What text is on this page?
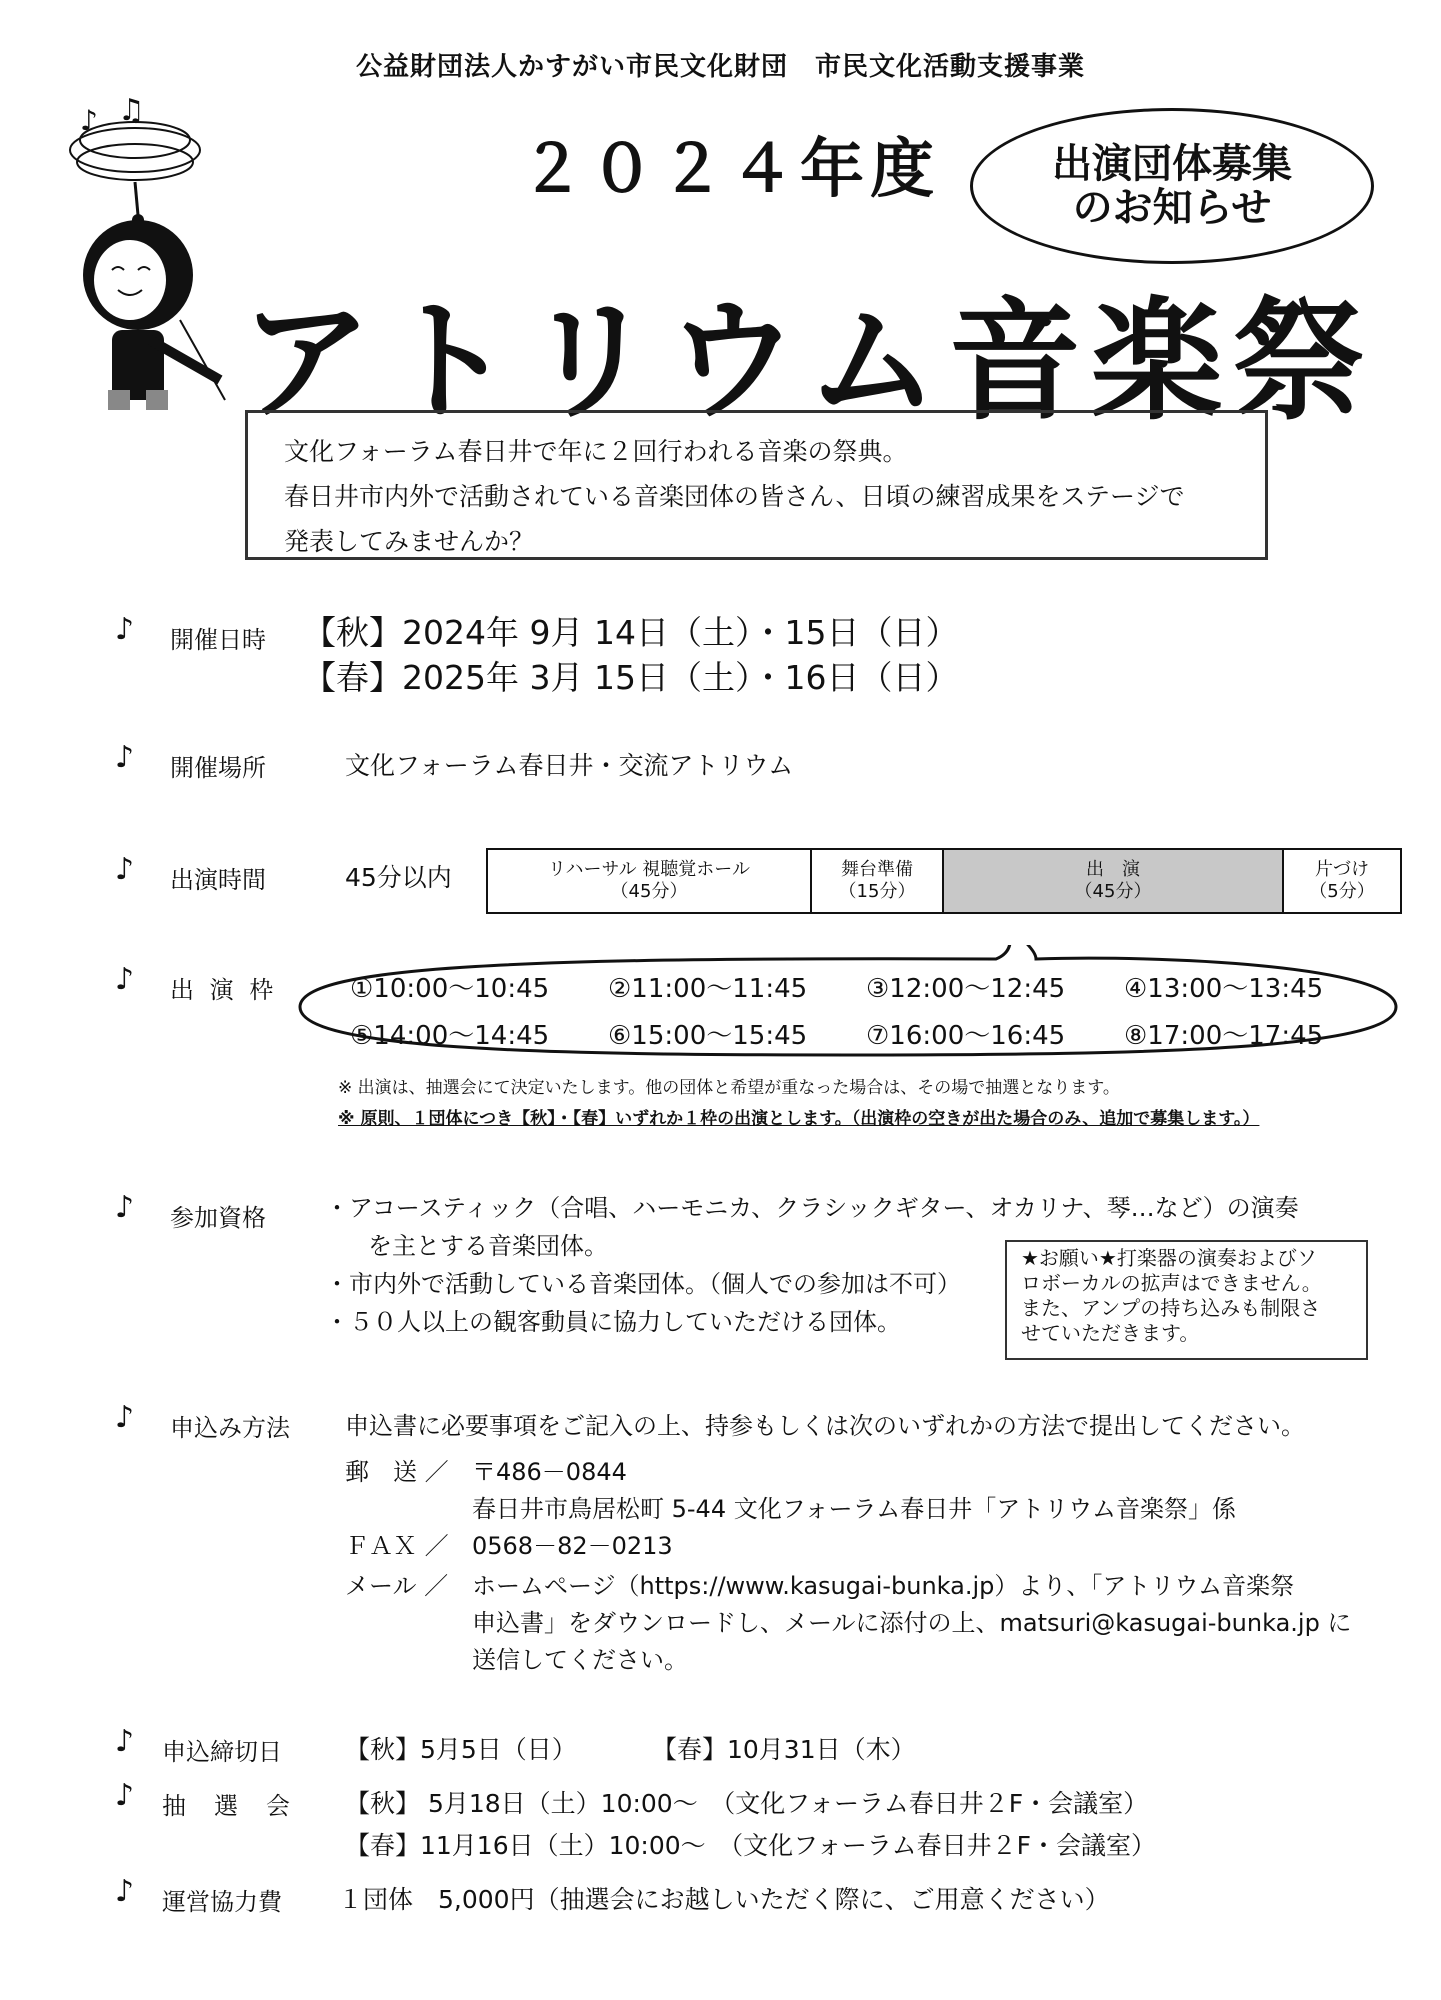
公益財団法人かすがい市民文化財団　市民文化活動支援事業
♪ ♫
２０２４年度	出演団体募集
のお知らせ
アトリウム音楽祭
文化フォーラム春日井で年に２回行われる音楽の祭典。
春日井市内外で活動されている音楽団体の皆さん、日頃の練習成果をステージで
発表してみませんか？
♪ 開催日時 【秋】2024年 9月 14日（土）・15日（日）
【春】2025年 3月 15日（土）・16日（日）
♪ 開催場所	文化フォーラム春日井・交流アトリウム
♪ 出演時間	45分以内	リハーサル 視聴覚ホール
（45分）
舞台準備
（15分）
出　演
（45分）
片づけ
（5分）
♪ 出 演 枠	①10:00～10:45 ②11:00～11:45 ③12:00～12:45 ④13:00～13:45
⑤14:00～14:45 ⑥15:00～15:45 ⑦16:00～16:45 ⑧17:00～17:45
※ 出演は、抽選会にて決定いたします。他の団体と希望が重なった場合は、その場で抽選となります。
※ 原則、１団体につき【秋】・【春】いずれか１枠の出演とします。（出演枠の空きが出た場合のみ、追加で募集します。）
♪ 参加資格 ・アコースティック（合唱、ハーモニカ、クラシックギター、オカリナ、琴…など）の演奏
を主とする音楽団体。
・市内外で活動している音楽団体。（個人での参加は不可）
・５０人以上の観客動員に協力していただける団体。
★お願い★打楽器の演奏およびソ
ロボーカルの拡声はできません。
また、アンプの持ち込みも制限さ
せていただきます。
♪ 申込み方法 申込書に必要事項をご記入の上、持参もしくは次のいずれかの方法で提出してください。
郵　送 ／ 〒486－0844
春日井市鳥居松町 5-44 文化フォーラム春日井「アトリウム音楽祭」係
ＦＡＸ ／ 0568－82－0213
メール ／ ホームページ（https://www.kasugai-bunka.jp）より、「アトリウム音楽祭
申込書」をダウンロードし、メールに添付の上、matsuri@kasugai-bunka.jp に
送信してください。
♪ 申込締切日	【秋】5月5日（日）	【春】10月31日（木）
♪ 抽　選　会 【秋】 5月18日（土）10:00～　（文化フォーラム春日井２F・会議室）
【春】11月16日（土）10:00～　（文化フォーラム春日井２F・会議室）
♪ 運営協力費 １団体　5,000円（抽選会にお越しいただく際に、ご用意ください）
